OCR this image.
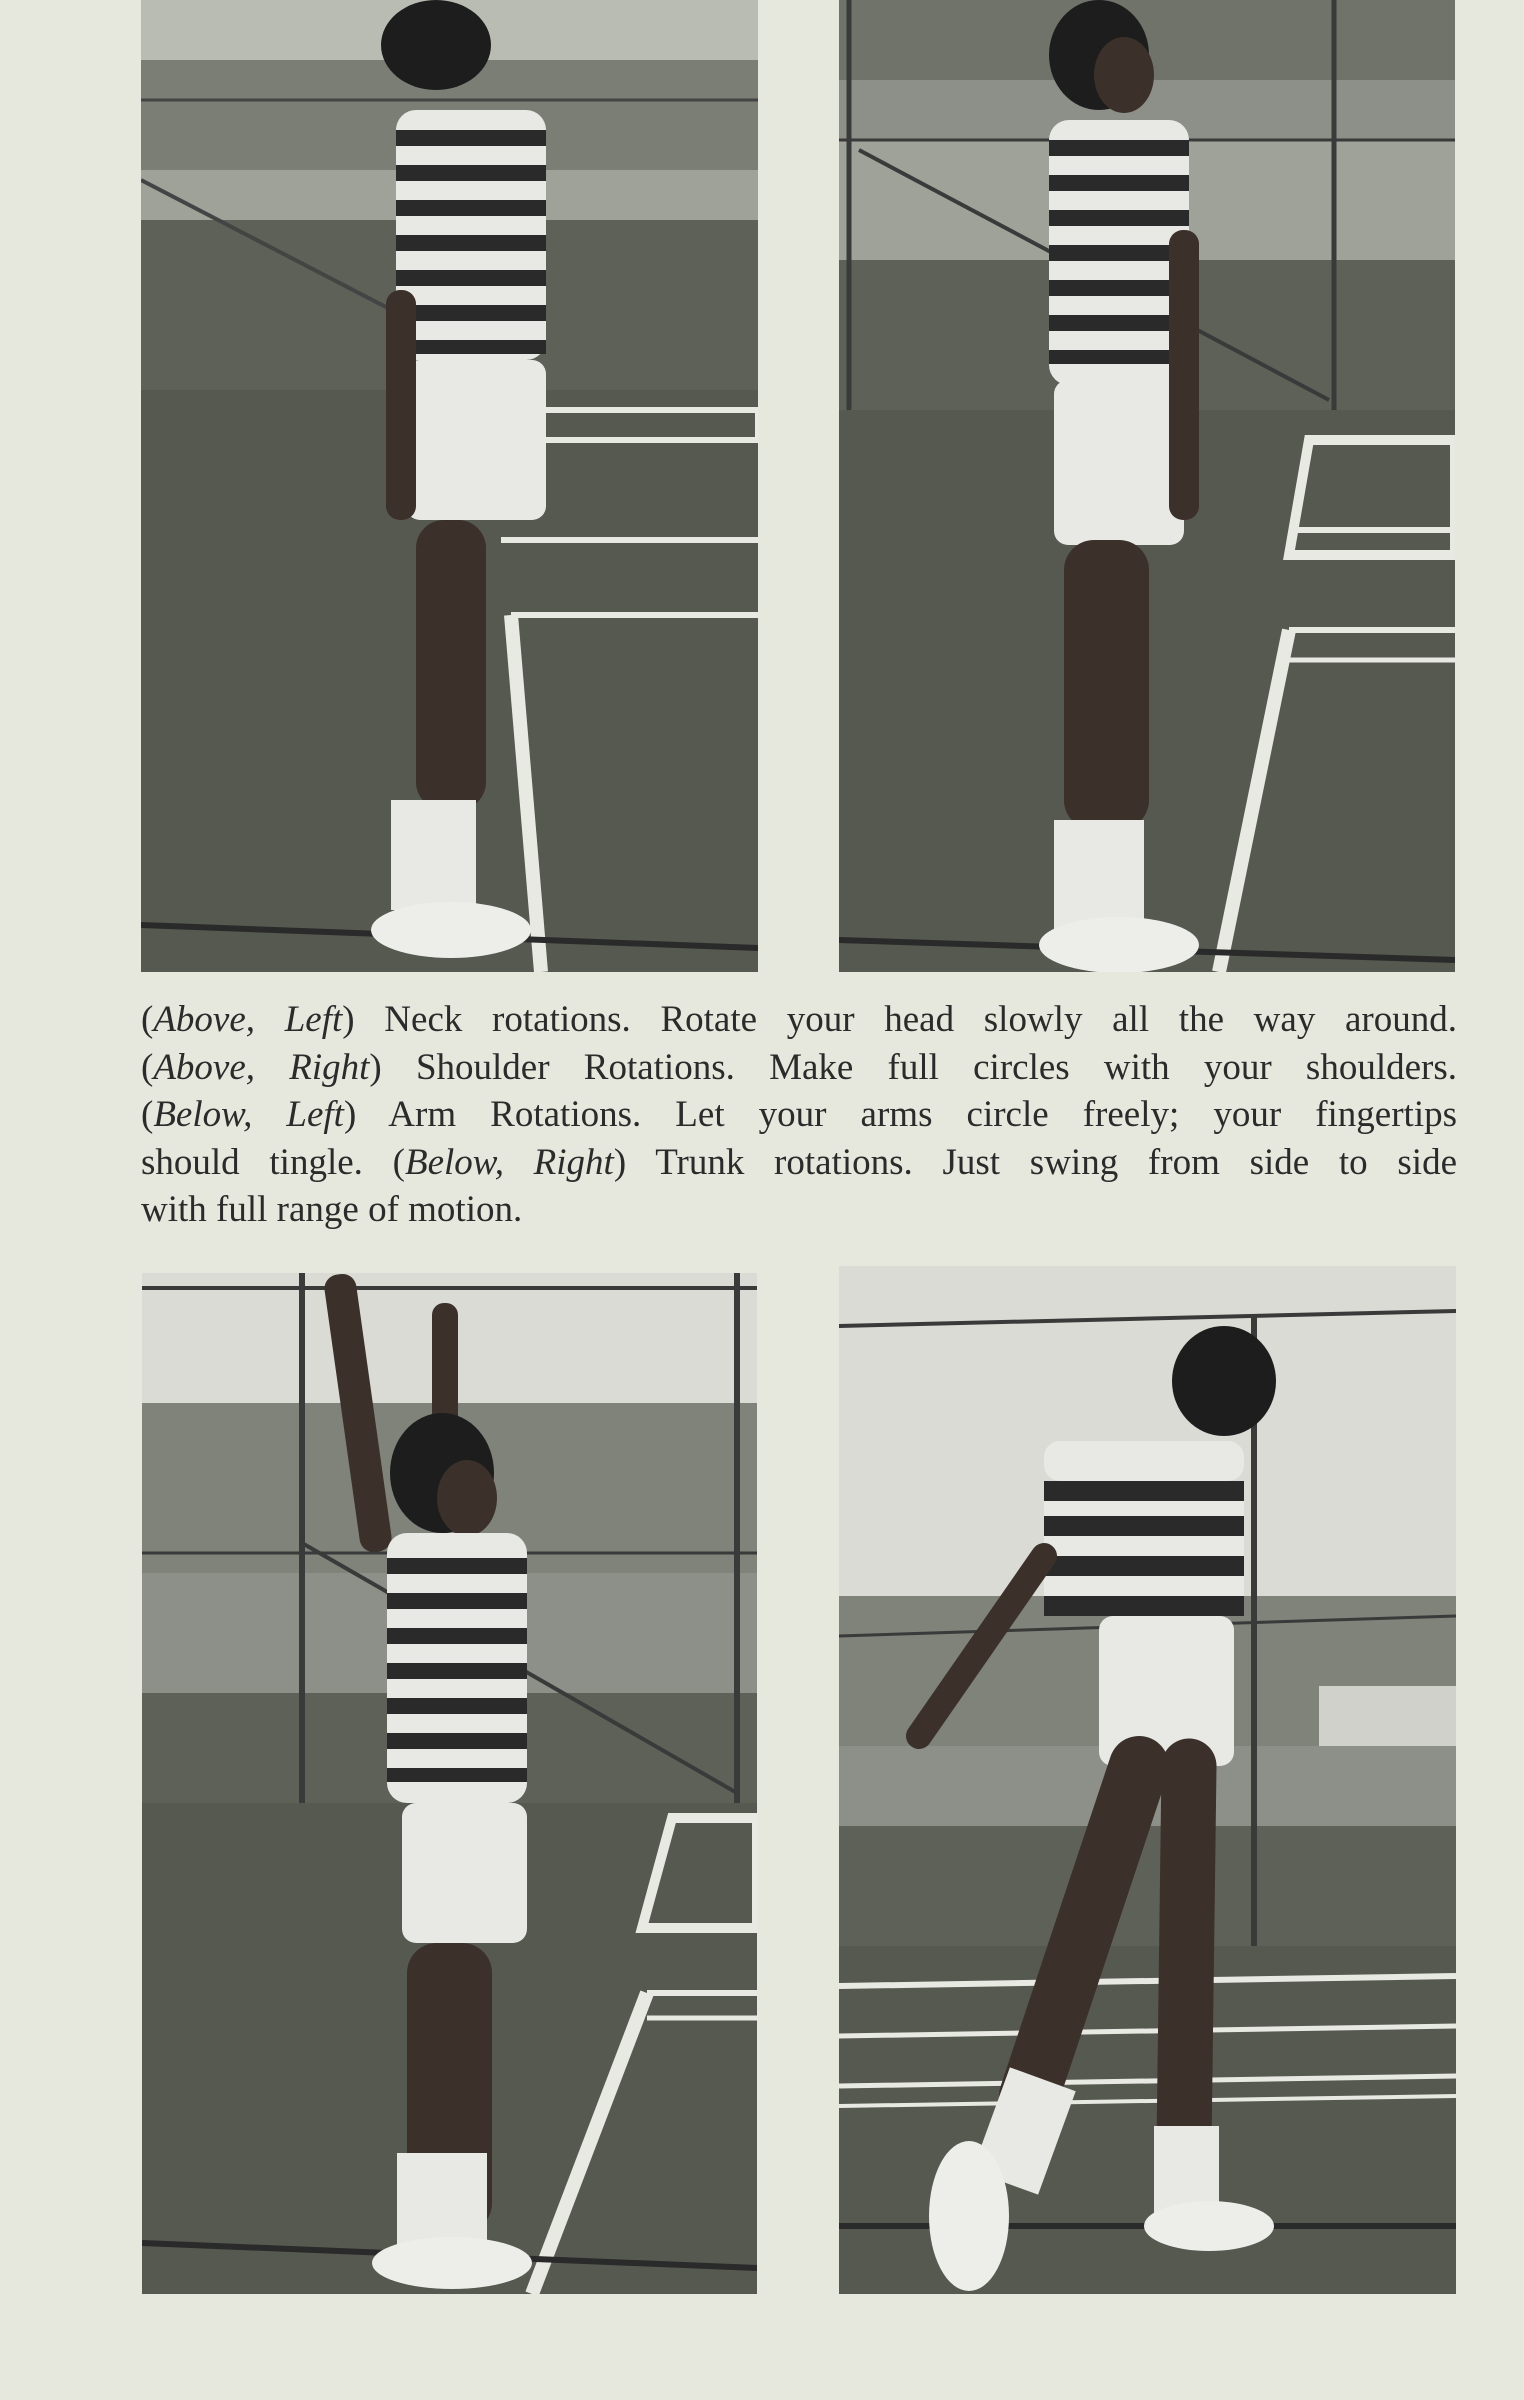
(Above, Left) Neck rotations. Rotate your head slowly all the way around.
(Above, Right) Shoulder Rotations. Make full circles with your shoulders.
(Below, Left) Arm Rotations. Let your arms circle freely; your fingertips
should tingle. (Below, Right) Trunk rotations. Just swing from side to side
with full range of motion.
